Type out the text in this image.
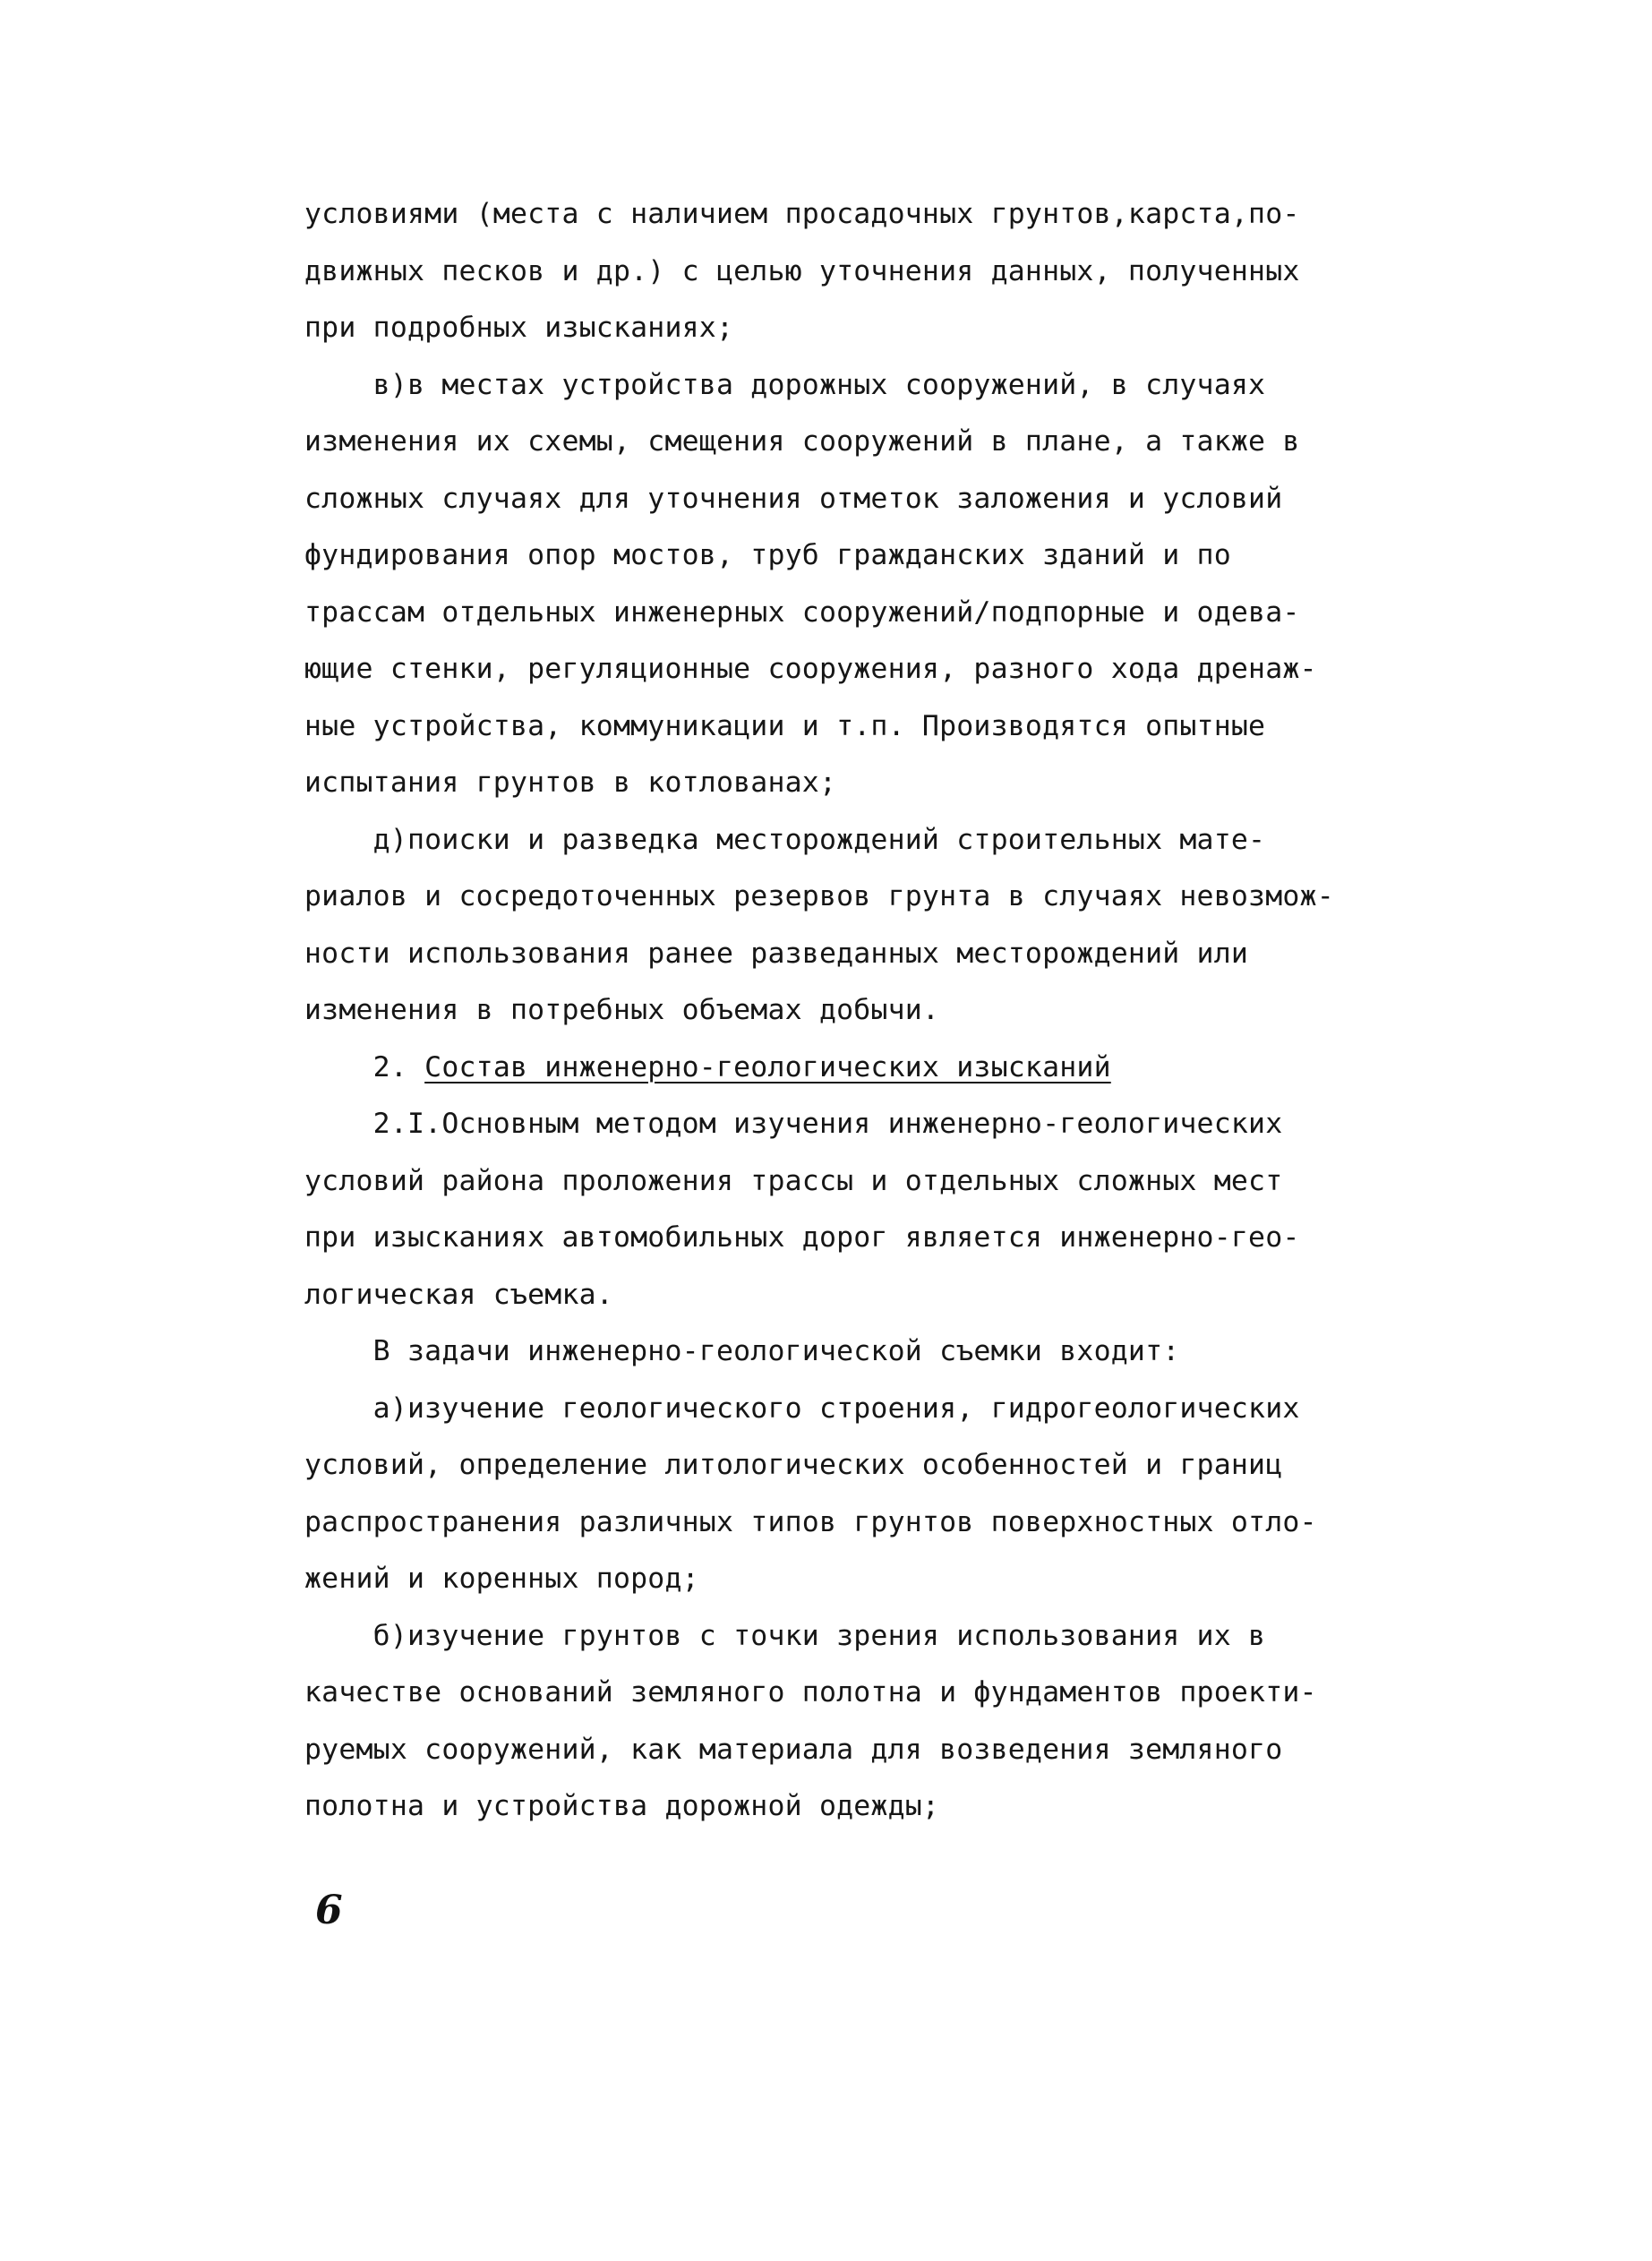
условиями (места с наличием просадочных грунтов,карста,по-
движных песков и др.) с целью уточнения данных, полученных
при подробных изысканиях;
в)в местах устройства дорожных сооружений, в случаях
изменения их схемы, смещения сооружений в плане, а также в
сложных случаях для уточнения отметок заложения и условий
фундирования опор мостов, труб гражданских зданий и по
трассам отдельных инженерных сооружений/подпорные и одева-
ющие стенки, регуляционные сооружения, разного хода дренаж-
ные устройства, коммуникации и т.п. Производятся опытные
испытания грунтов в котлованах;
д)поиски и разведка месторождений строительных мате-
риалов и сосредоточенных резервов грунта в случаях невозмож-
ности использования ранее разведанных месторождений или
изменения в потребных объемах добычи.
2. Состав инженерно-геологических изысканий
2.I.Основным методом изучения инженерно-геологических
условий района проложения трассы и отдельных сложных мест
при изысканиях автомобильных дорог является инженерно-гео-
логическая съемка.
В задачи инженерно-геологической съемки входит:
а)изучение геологического строения, гидрогеологических
условий, определение литологических особенностей и границ
распространения различных типов грунтов поверхностных отло-
жений и коренных пород;
б)изучение грунтов с точки зрения использования их в
качестве оснований земляного полотна и фундаментов проекти-
руемых сооружений, как материала для возведения земляного
полотна и устройства дорожной одежды;
6
